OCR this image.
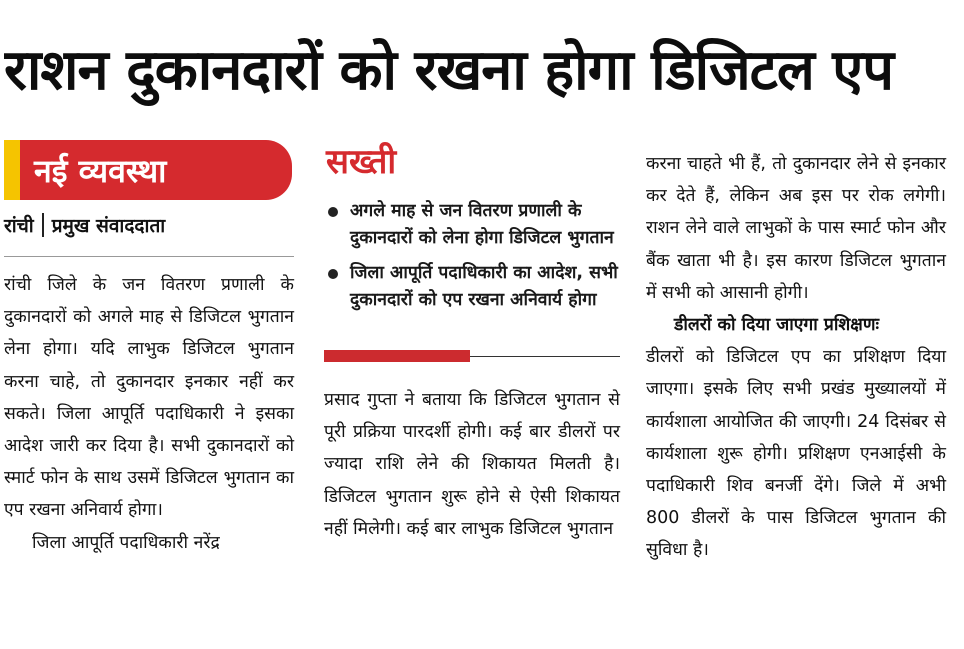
राशन दुकानदारों को रखना होगा डिजिटल एप
नई व्यवस्था
रांची प्रमुख संवाददाता

रांची जिले के जन वितरण प्रणाली के दुकानदारों को अगले माह से डिजिटल भुगतान लेना होगा। यदि लाभुक डिजिटल भुगतान करना चाहे, तो दुकानदार इनकार नहीं कर सकते। जिला आपूर्ति पदाधिकारी ने इसका आदेश जारी कर दिया है। सभी दुकानदारों को स्मार्ट फोन के साथ उसमें डिजिटल भुगतान का एप रखना अनिवार्य होगा।

जिला आपूर्ति पदाधिकारी नरेंद्र

सख्ती
अगले माह से जन वितरण प्रणाली के दुकानदारों को लेना होगा डिजिटल भुगतान
जिला आपूर्ति पदाधिकारी का आदेश, सभी दुकानदारों को एप रखना अनिवार्य होगा

प्रसाद गुप्ता ने बताया कि डिजिटल भुगतान से पूरी प्रक्रिया पारदर्शी होगी। कई बार डीलरों पर ज्यादा राशि लेने की शिकायत मिलती है। डिजिटल भुगतान शुरू होने से ऐसी शिकायत नहीं मिलेगी। कई बार लाभुक डिजिटल भुगतान

करना चाहते भी हैं, तो दुकानदार लेने से इनकार कर देते हैं, लेकिन अब इस पर रोक लगेगी। राशन लेने वाले लाभुकों के पास स्मार्ट फोन और बैंक खाता भी है। इस कारण डिजिटल भुगतान में सभी को आसानी होगी।

डीलरों को दिया जाएगा प्रशिक्षणः

डीलरों को डिजिटल एप का प्रशिक्षण दिया जाएगा। इसके लिए सभी प्रखंड मुख्यालयों में कार्यशाला आयोजित की जाएगी। 24 दिसंबर से कार्यशाला शुरू होगी। प्रशिक्षण एनआईसी के पदाधिकारी शिव बनर्जी देंगे। जिले में अभी 800 डीलरों के पास डिजिटल भुगतान की सुविधा है।
